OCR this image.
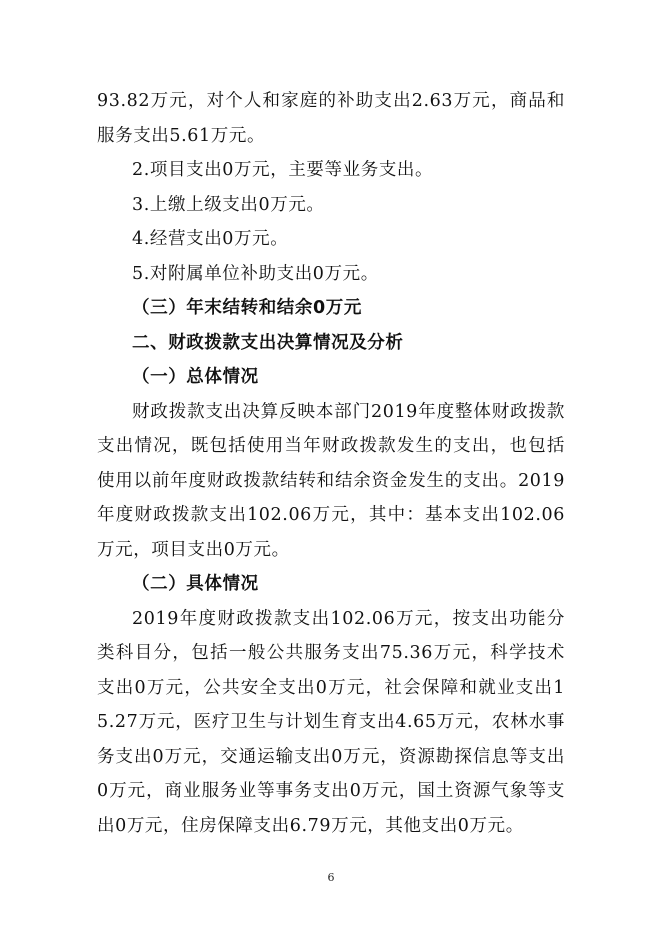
93.82万元，对个人和家庭的补助支出2.63万元，商品和服务支出5.61万元。

2.项目支出0万元，主要等业务支出。

3.上缴上级支出0万元。

4.经营支出0万元。

5.对附属单位补助支出0万元。

（三）年末结转和结余0万元

二、财政拨款支出决算情况及分析

（一）总体情况

财政拨款支出决算反映本部门2019年度整体财政拨款支出情况，既包括使用当年财政拨款发生的支出，也包括使用以前年度财政拨款结转和结余资金发生的支出。2019年度财政拨款支出102.06万元，其中：基本支出102.06万元，项目支出0万元。

（二）具体情况

2019年度财政拨款支出102.06万元，按支出功能分类科目分，包括一般公共服务支出75.36万元，科学技术支出0万元，公共安全支出0万元，社会保障和就业支出15.27万元，医疗卫生与计划生育支出4.65万元，农林水事务支出0万元，交通运输支出0万元，资源勘探信息等支出0万元，商业服务业等事务支出0万元，国土资源气象等支出0万元，住房保障支出6.79万元，其他支出0万元。

6
